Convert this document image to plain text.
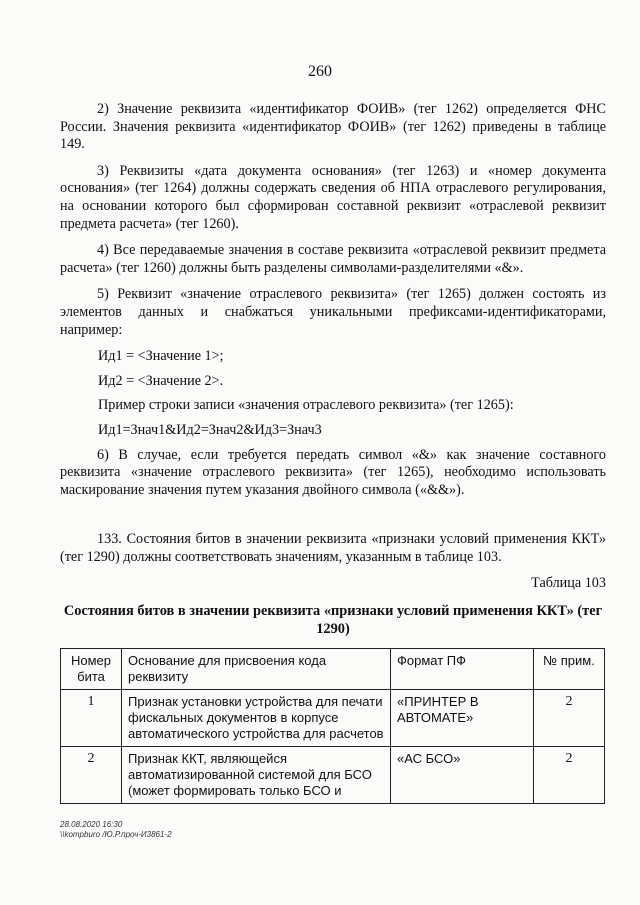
260

2) Значение реквизита «идентификатор ФОИВ» (тег 1262) определяется ФНС России. Значения реквизита «идентификатор ФОИВ» (тег 1262) приведены в таблице 149.

3) Реквизиты «дата документа основания» (тег 1263) и «номер документа основания» (тег 1264) должны содержать сведения об НПА отраслевого регулирования, на основании которого был сформирован составной реквизит «отраслевой реквизит предмета расчета» (тег 1260).

4) Все передаваемые значения в составе реквизита «отраслевой реквизит предмета расчета» (тег 1260) должны быть разделены символами-разделителями «&».

5) Реквизит «значение отраслевого реквизита» (тег 1265) должен состоять из элементов данных и снабжаться уникальными префиксами-идентификаторами, например:

Ид1 = <Значение 1>;

Ид2 = <Значение 2>.

Пример строки записи «значения отраслевого реквизита» (тег 1265):

Ид1=Знач1&Ид2=Знач2&Ид3=Знач3

6) В случае, если требуется передать символ «&» как значение составного реквизита «значение отраслевого реквизита» (тег 1265), необходимо использовать маскирование значения путем указания двойного символа («&&»).

133. Состояния битов в значении реквизита «признаки условий применения ККТ» (тег 1290) должны соответствовать значениям, указанным в таблице 103.

Таблица 103

Состояния битов в значении реквизита «признаки условий применения ККТ» (тег 1290)
Номер бита	Основание для присвоения кода реквизиту	Формат ПФ	№ прим.
1	Признак установки устройства для печати фискальных документов в корпусе автоматического устройства для расчетов	«ПРИНТЕР В АВТОМАТЕ»	2
2	Признак ККТ, являющейся автоматизированной системой для БСО (может формировать только БСО и	«АС БСО»	2
28.08.2020 16:30
\\kompburo /Ю.Р.проч-И3861-2
